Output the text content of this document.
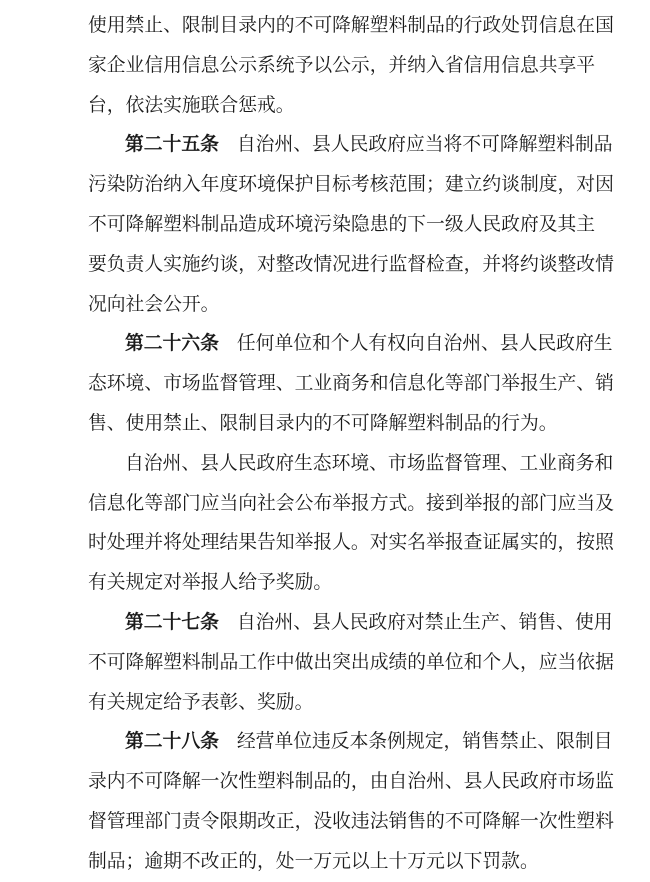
使用禁止、限制目录内的不可降解塑料制品的行政处罚信息在国
家企业信用信息公示系统予以公示，并纳入省信用信息共享平
台，依法实施联合惩戒。
第二十五条 自治州、县人民政府应当将不可降解塑料制品
污染防治纳入年度环境保护目标考核范围；建立约谈制度，对因
不可降解塑料制品造成环境污染隐患的下一级人民政府及其主
要负责人实施约谈，对整改情况进行监督检查，并将约谈整改情
况向社会公开。
第二十六条 任何单位和个人有权向自治州、县人民政府生
态环境、市场监督管理、工业商务和信息化等部门举报生产、销
售、使用禁止、限制目录内的不可降解塑料制品的行为。
自治州、县人民政府生态环境、市场监督管理、工业商务和
信息化等部门应当向社会公布举报方式。接到举报的部门应当及
时处理并将处理结果告知举报人。对实名举报查证属实的，按照
有关规定对举报人给予奖励。
第二十七条 自治州、县人民政府对禁止生产、销售、使用
不可降解塑料制品工作中做出突出成绩的单位和个人，应当依据
有关规定给予表彰、奖励。
第二十八条 经营单位违反本条例规定，销售禁止、限制目
录内不可降解一次性塑料制品的，由自治州、县人民政府市场监
督管理部门责令限期改正，没收违法销售的不可降解一次性塑料
制品；逾期不改正的，处一万元以上十万元以下罚款。
